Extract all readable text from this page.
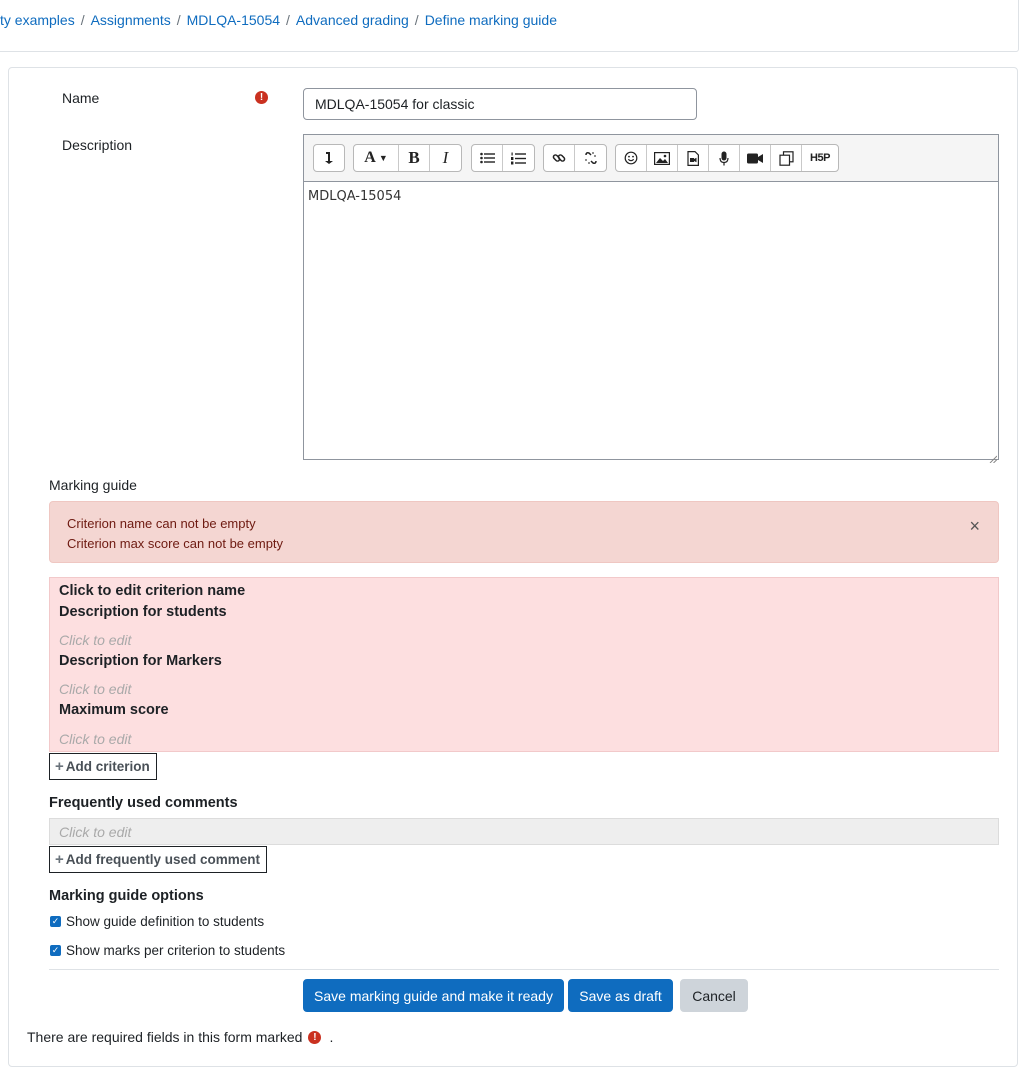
ty examples / Assignments / MDLQA-15054 / Advanced grading / Define marking guide
Name	!
MDLQA-15054 for classic
Description
A ▼	B	I	H5P
MDLQA-15054
Marking guide
Criterion name can not be empty
Criterion max score can not be empty
×
Click to edit criterion name
Description for students
Click to edit
Description for Markers
Click to edit
Maximum score
Click to edit
+ Add criterion
Frequently used comments
Click to edit
+ Add frequently used comment
Marking guide options
✓ Show guide definition to students
✓ Show marks per criterion to students
Save marking guide and make it ready	Save as draft	Cancel
There are required fields in this form marked	! .
